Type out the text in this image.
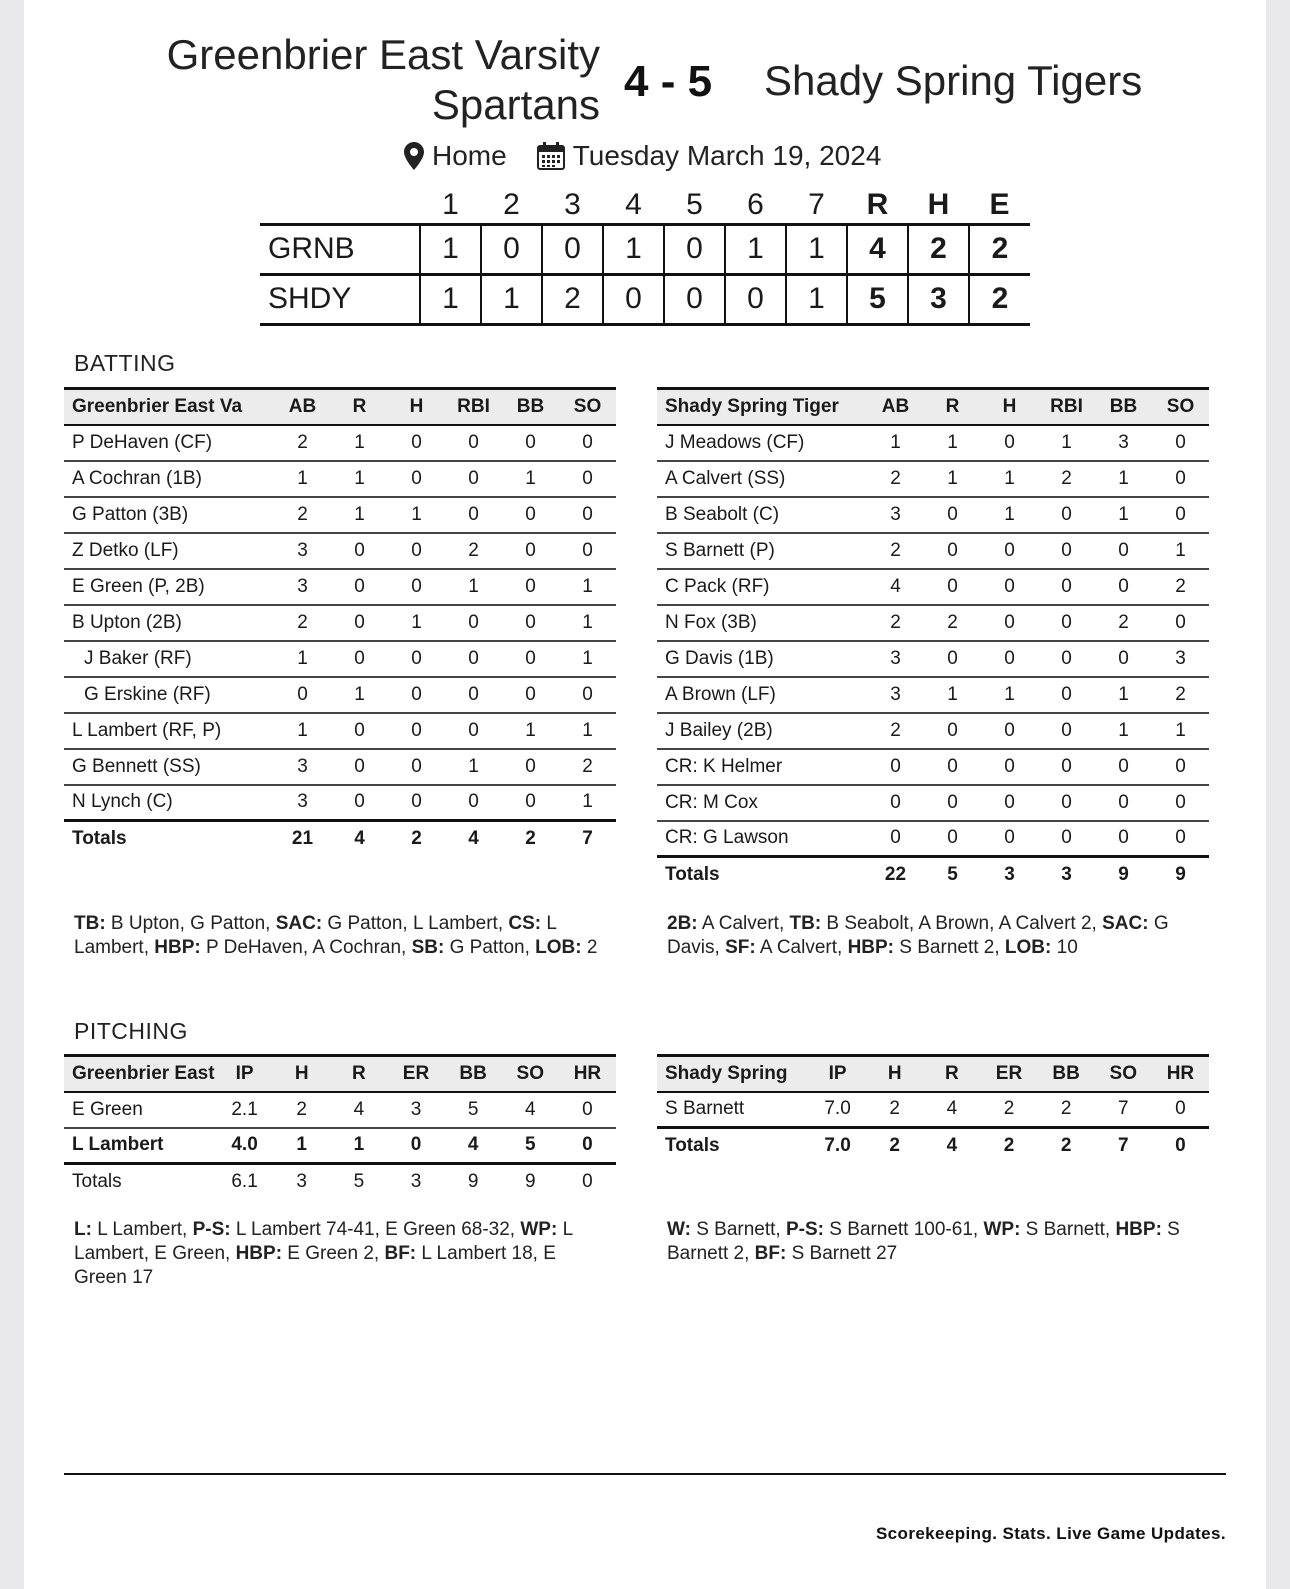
Greenbrier East Varsity Spartans 4 - 5 Shady Spring Tigers
Home Tuesday March 19, 2024
	1	2	3	4	5	6	7	R	H	E
GRNB	1	0	0	1	0	1	1	4	2	2
SHDY	1	1	2	0	0	0	1	5	3	2
BATTING
Greenbrier East Va	AB	R	H	RBI	BB	SO
P DeHaven (CF)	2	1	0	0	0	0
A Cochran (1B)	1	1	0	0	1	0
G Patton (3B)	2	1	1	0	0	0
Z Detko (LF)	3	0	0	2	0	0
E Green (P, 2B)	3	0	0	1	0	1
B Upton (2B)	2	0	1	0	0	1
J Baker (RF)	1	0	0	0	0	1
G Erskine (RF)	0	1	0	0	0	0
L Lambert (RF, P)	1	0	0	0	1	1
G Bennett (SS)	3	0	0	1	0	2
N Lynch (C)	3	0	0	0	0	1
Totals	21	4	2	4	2	7
Shady Spring Tiger	AB	R	H	RBI	BB	SO
J Meadows (CF)	1	1	0	1	3	0
A Calvert (SS)	2	1	1	2	1	0
B Seabolt (C)	3	0	1	0	1	0
S Barnett (P)	2	0	0	0	0	1
C Pack (RF)	4	0	0	0	0	2
N Fox (3B)	2	2	0	0	2	0
G Davis (1B)	3	0	0	0	0	3
A Brown (LF)	3	1	1	0	1	2
J Bailey (2B)	2	0	0	0	1	1
CR: K Helmer	0	0	0	0	0	0
CR: M Cox	0	0	0	0	0	0
CR: G Lawson	0	0	0	0	0	0
Totals	22	5	3	3	9	9
TB: B Upton, G Patton, SAC: G Patton, L Lambert, CS: L Lambert, HBP: P DeHaven, A Cochran, SB: G Patton, LOB: 2
2B: A Calvert, TB: B Seabolt, A Brown, A Calvert 2, SAC: G Davis, SF: A Calvert, HBP: S Barnett 2, LOB: 10
PITCHING
Greenbrier East	IP	H	R	ER	BB	SO	HR
E Green	2.1	2	4	3	5	4	0
L Lambert	4.0	1	1	0	4	5	0
Totals	6.1	3	5	3	9	9	0
Shady Spring	IP	H	R	ER	BB	SO	HR
S Barnett	7.0	2	4	2	2	7	0
Totals	7.0	2	4	2	2	7	0
L: L Lambert, P-S: L Lambert 74-41, E Green 68-32, WP: L Lambert, E Green, HBP: E Green 2, BF: L Lambert 18, E Green 17
W: S Barnett, P-S: S Barnett 100-61, WP: S Barnett, HBP: S Barnett 2, BF: S Barnett 27
Scorekeeping. Stats. Live Game Updates.
